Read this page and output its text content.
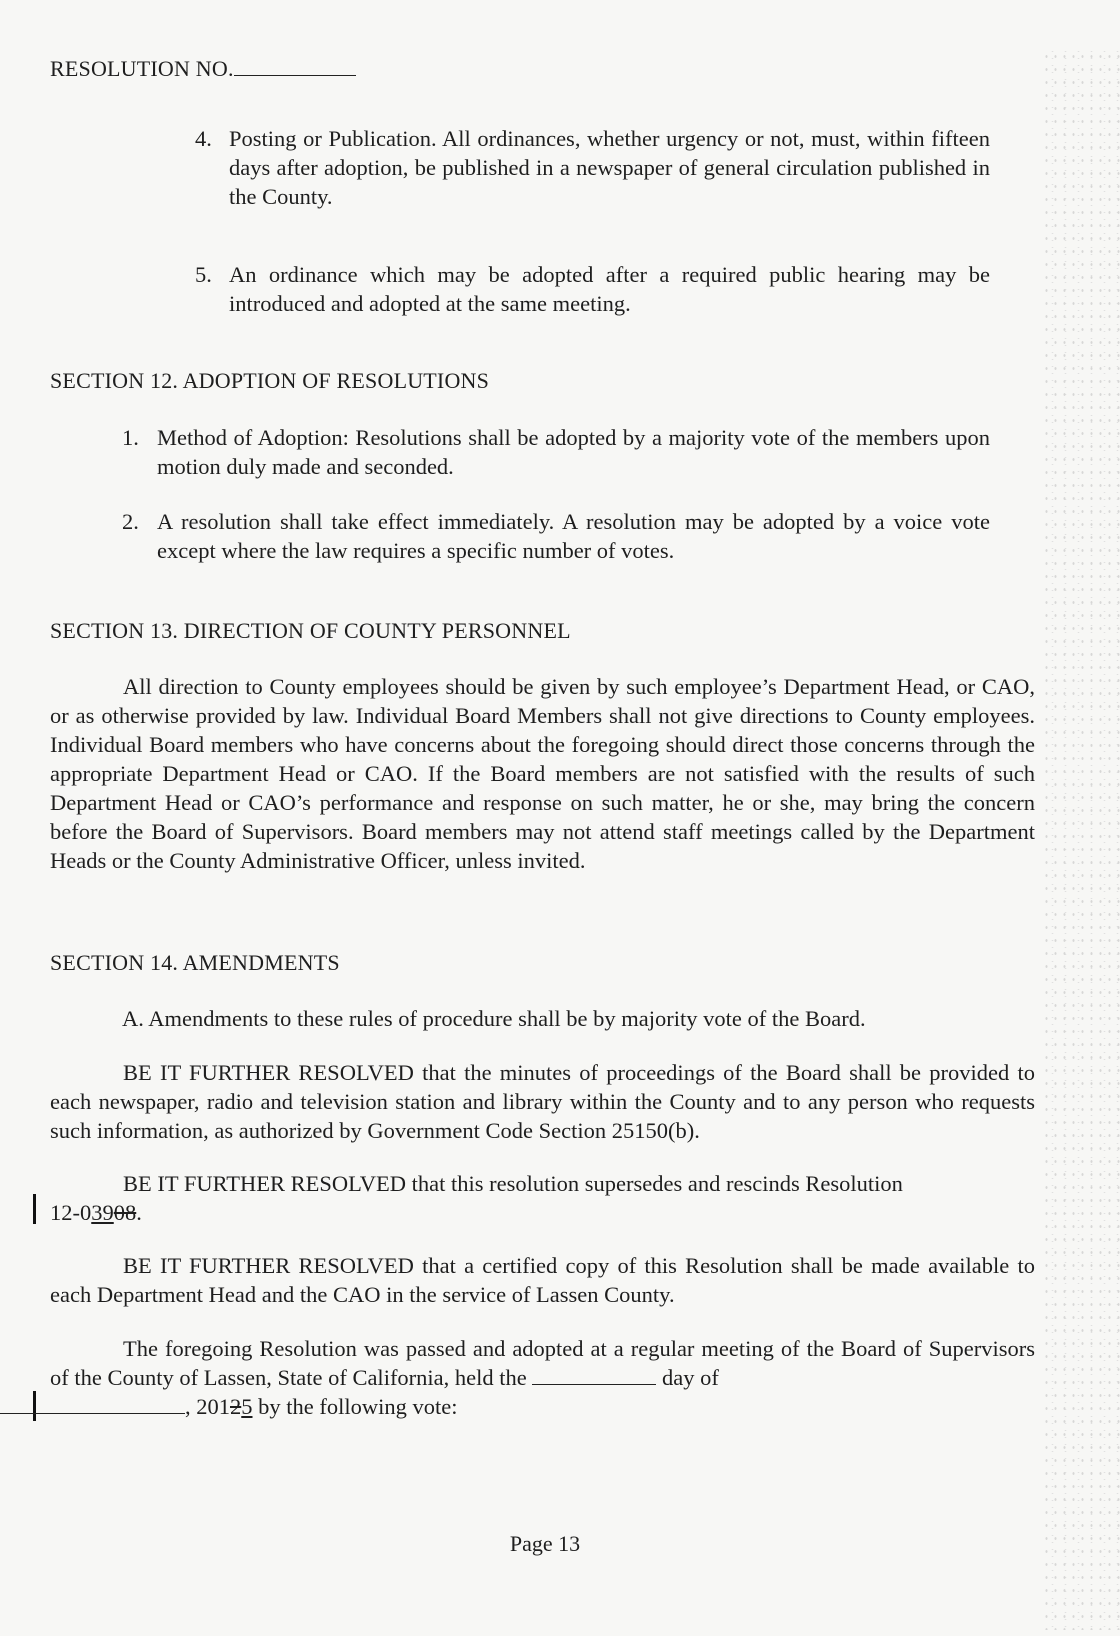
RESOLUTION NO.
4. Posting or Publication. All ordinances, whether urgency or not, must, within fifteen days after adoption, be published in a newspaper of general circulation published in the County.
5. An ordinance which may be adopted after a required public hearing may be introduced and adopted at the same meeting.
SECTION 12. ADOPTION OF RESOLUTIONS
1. Method of Adoption: Resolutions shall be adopted by a majority vote of the members upon motion duly made and seconded.
2. A resolution shall take effect immediately. A resolution may be adopted by a voice vote except where the law requires a specific number of votes.
SECTION 13. DIRECTION OF COUNTY PERSONNEL
All direction to County employees should be given by such employee’s Department Head, or CAO, or as otherwise provided by law. Individual Board Members shall not give directions to County employees. Individual Board members who have concerns about the foregoing should direct those concerns through the appropriate Department Head or CAO. If the Board members are not satisfied with the results of such Department Head or CAO’s performance and response on such matter, he or she, may bring the concern before the Board of Supervisors. Board members may not attend staff meetings called by the Department Heads or the County Administrative Officer, unless invited.
SECTION 14. AMENDMENTS
A. Amendments to these rules of procedure shall be by majority vote of the Board.
BE IT FURTHER RESOLVED that the minutes of proceedings of the Board shall be provided to each newspaper, radio and television station and library within the County and to any person who requests such information, as authorized by Government Code Section 25150(b).
BE IT FURTHER RESOLVED that this resolution supersedes and rescinds Resolution
12-03908.
BE IT FURTHER RESOLVED that a certified copy of this Resolution shall be made available to each Department Head and the CAO in the service of Lassen County.
The foregoing Resolution was passed and adopted at a regular meeting of the Board of Supervisors of the County of Lassen, State of California, held the	day of
, 20125 by the following vote:
Page 13
